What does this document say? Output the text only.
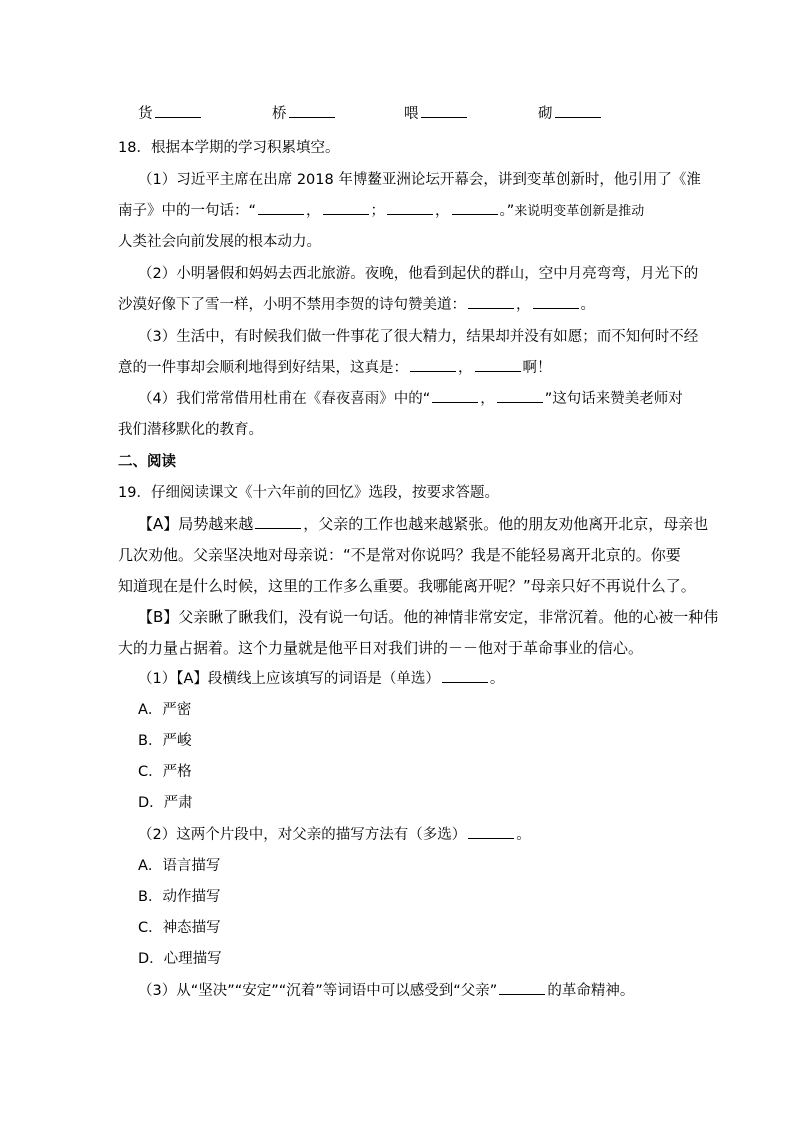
货	桥	喂	砌
18．根据本学期的学习积累填空。
（1）习近平主席在出席 2018 年博鳌亚洲论坛开幕会，讲到变革创新时，他引用了《淮
南子》中的一句话：“	，	；	，	。”来说明变革创新是推动
人类社会向前发展的根本动力。
（2）小明暑假和妈妈去西北旅游。夜晚，他看到起伏的群山，空中月亮弯弯，月光下的
沙漠好像下了雪一样，小明不禁用李贺的诗句赞美道：	，	。
（3）生活中，有时候我们做一件事花了很大精力，结果却并没有如愿；而不知何时不经
意的一件事却会顺利地得到好结果，这真是：	，	啊！
（4）我们常常借用杜甫在《春夜喜雨》中的“	，	”这句话来赞美老师对
我们潜移默化的教育。
二、阅读
19．仔细阅读课文《十六年前的回忆》选段，按要求答题。
【A】局势越来越	，父亲的工作也越来越紧张。他的朋友劝他离开北京，母亲也
几次劝他。父亲坚决地对母亲说：“不是常对你说吗？我是不能轻易离开北京的。你要
知道现在是什么时候，这里的工作多么重要。我哪能离开呢？”母亲只好不再说什么了。
【B】父亲瞅了瞅我们，没有说一句话。他的神情非常安定，非常沉着。他的心被一种伟
大的力量占据着。这个力量就是他平日对我们讲的－－他对于革命事业的信心。
（1）【A】段横线上应该填写的词语是（单选）	。
A．严密
B．严峻
C．严格
D．严肃
（2）这两个片段中，对父亲的描写方法有（多选）	。
A．语言描写
B．动作描写
C．神态描写
D．心理描写
（3）从“坚决”“安定”“沉着”等词语中可以感受到“父亲”	的革命精神。
